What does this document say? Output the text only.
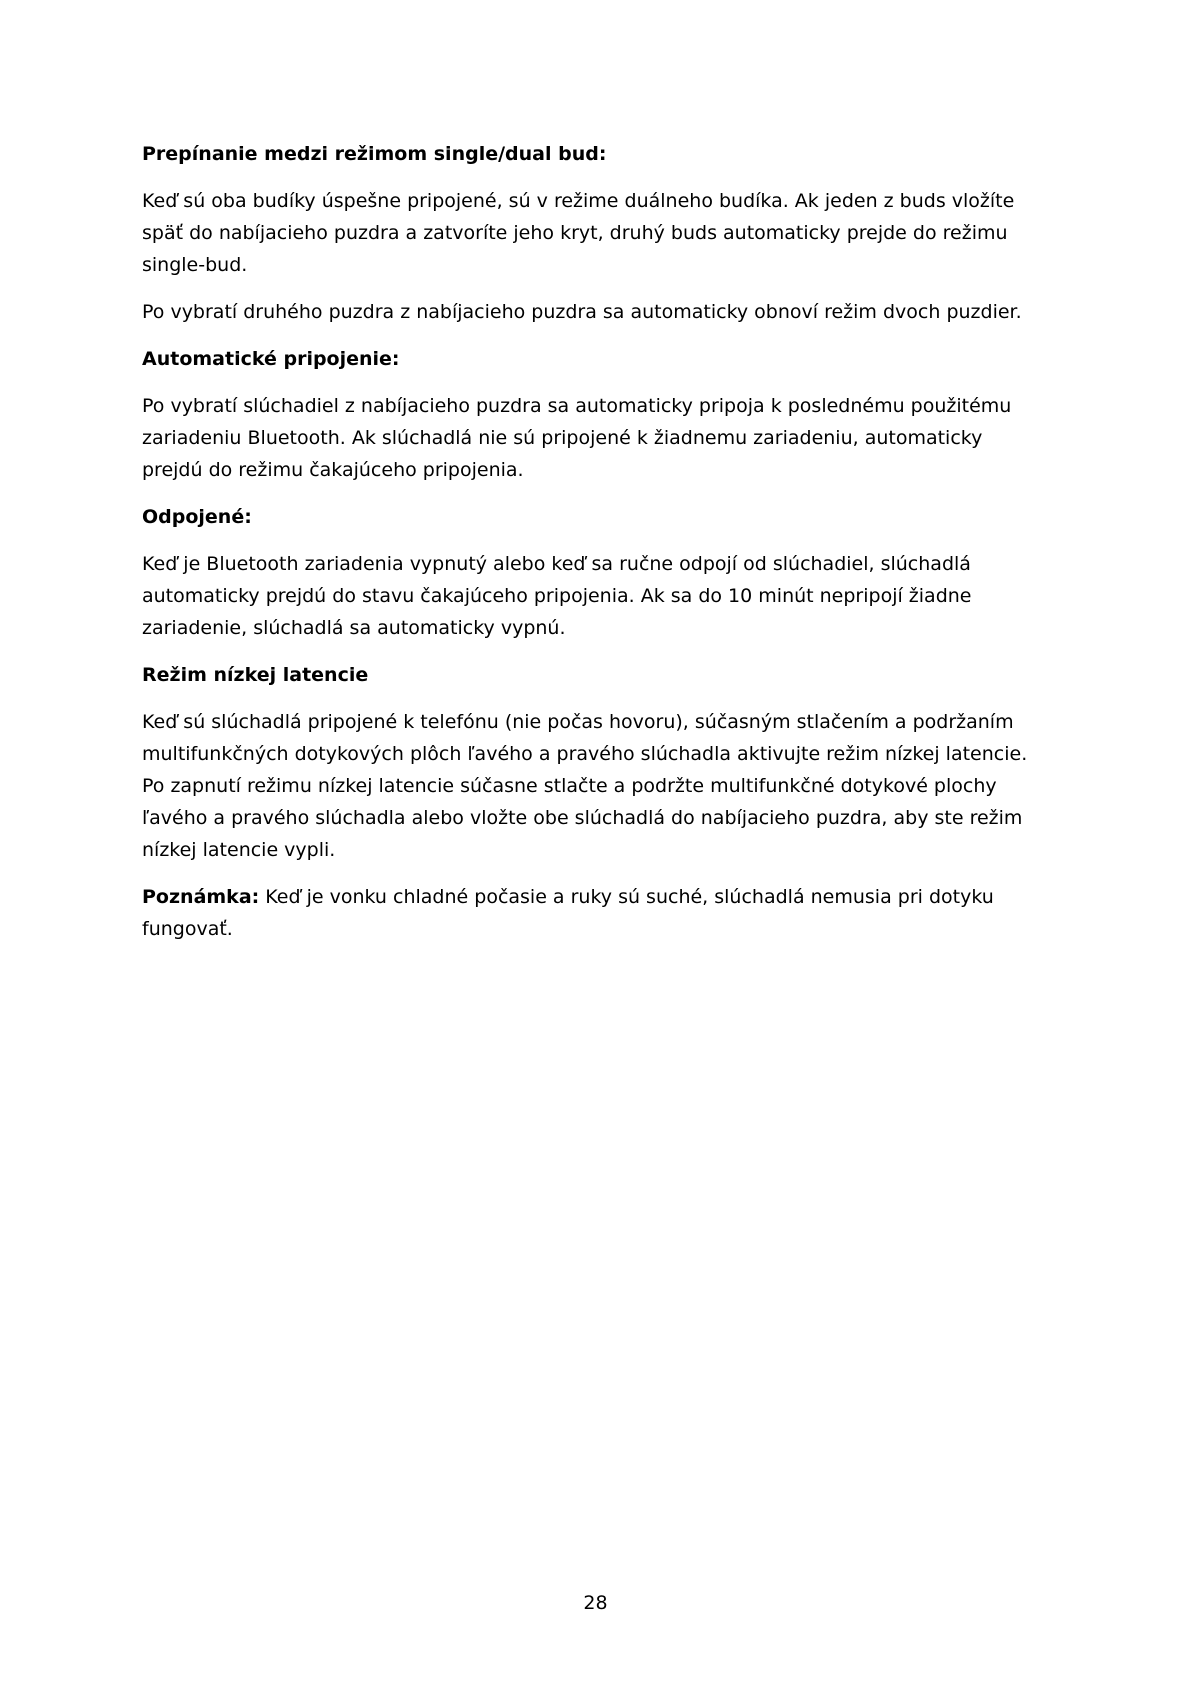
Prepínanie medzi režimom single/dual bud:
Keď sú oba budíky úspešne pripojené, sú v režime duálneho budíka. Ak jeden z buds vložíte
späť do nabíjacieho puzdra a zatvoríte jeho kryt, druhý buds automaticky prejde do režimu
single-bud.
Po vybratí druhého puzdra z nabíjacieho puzdra sa automaticky obnoví režim dvoch puzdier.
Automatické pripojenie:
Po vybratí slúchadiel z nabíjacieho puzdra sa automaticky pripoja k poslednému použitému
zariadeniu Bluetooth. Ak slúchadlá nie sú pripojené k žiadnemu zariadeniu, automaticky
prejdú do režimu čakajúceho pripojenia.
Odpojené:
Keď je Bluetooth zariadenia vypnutý alebo keď sa ručne odpojí od slúchadiel, slúchadlá
automaticky prejdú do stavu čakajúceho pripojenia. Ak sa do 10 minút nepripojí žiadne
zariadenie, slúchadlá sa automaticky vypnú.
Režim nízkej latencie
Keď sú slúchadlá pripojené k telefónu (nie počas hovoru), súčasným stlačením a podržaním
multifunkčných dotykových plôch ľavého a pravého slúchadla aktivujte režim nízkej latencie.
Po zapnutí režimu nízkej latencie súčasne stlačte a podržte multifunkčné dotykové plochy
ľavého a pravého slúchadla alebo vložte obe slúchadlá do nabíjacieho puzdra, aby ste režim
nízkej latencie vypli.
Poznámka: Keď je vonku chladné počasie a ruky sú suché, slúchadlá nemusia pri dotyku
fungovať.
28
